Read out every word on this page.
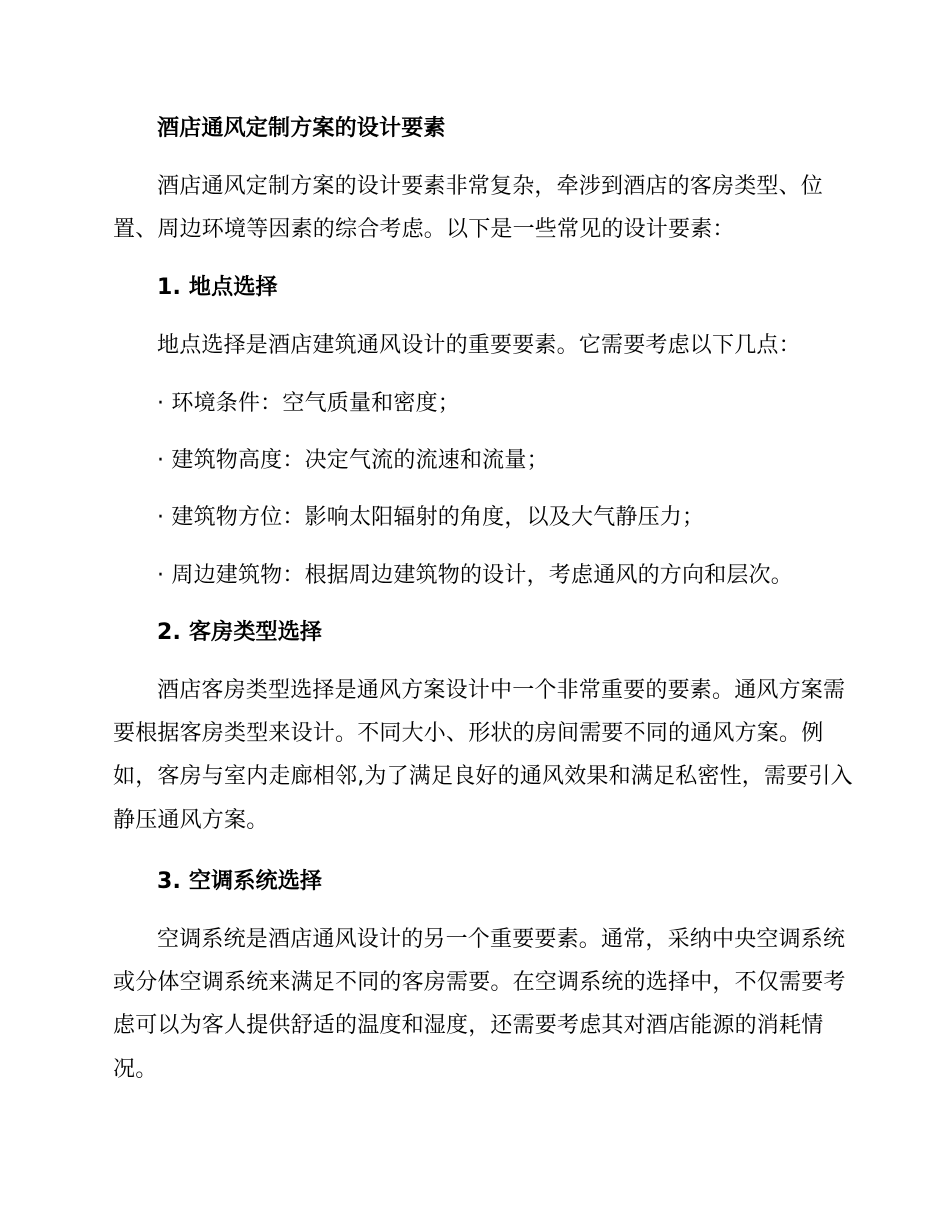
酒店通风定制方案的设计要素
酒店通风定制方案的设计要素非常复杂，牵涉到酒店的客房类型、位
置、周边环境等因素的综合考虑。以下是一些常见的设计要素：
1. 地点选择
地点选择是酒店建筑通风设计的重要要素。它需要考虑以下几点：
· 环境条件：空气质量和密度；
· 建筑物高度：决定气流的流速和流量；
· 建筑物方位：影响太阳辐射的角度，以及大气静压力；
· 周边建筑物：根据周边建筑物的设计，考虑通风的方向和层次。
2. 客房类型选择
酒店客房类型选择是通风方案设计中一个非常重要的要素。通风方案需
要根据客房类型来设计。不同大小、形状的房间需要不同的通风方案。例
如，客房与室内走廊相邻,为了满足良好的通风效果和满足私密性，需要引入
静压通风方案。
3. 空调系统选择
空调系统是酒店通风设计的另一个重要要素。通常，采纳中央空调系统
或分体空调系统来满足不同的客房需要。在空调系统的选择中，不仅需要考
虑可以为客人提供舒适的温度和湿度，还需要考虑其对酒店能源的消耗情
况。
